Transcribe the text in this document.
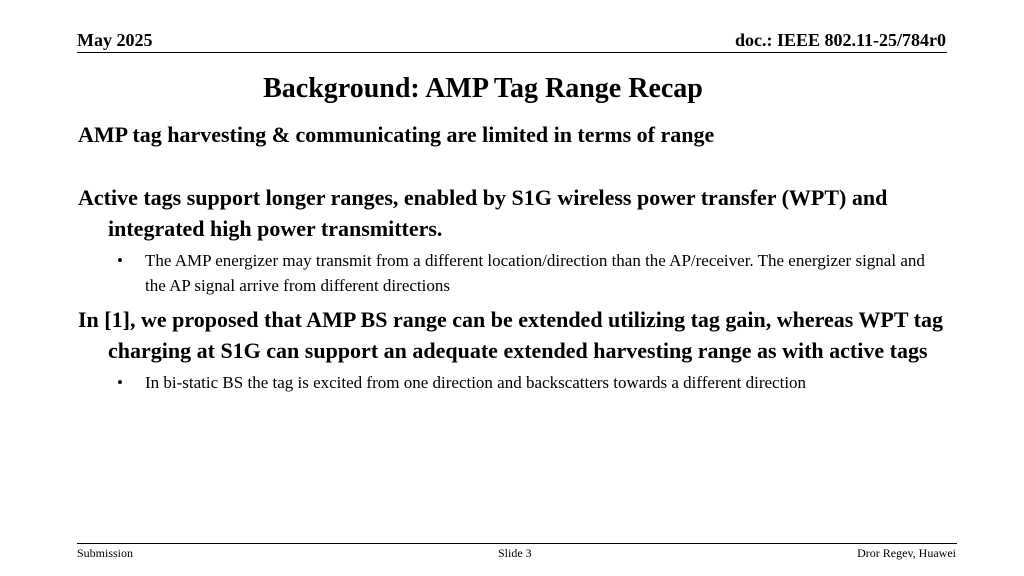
May 2025	doc.: IEEE 802.11-25/784r0
Background: AMP Tag Range Recap

AMP tag harvesting & communicating are limited in terms of range

Active tags support longer ranges, enabled by S1G wireless power transfer (WPT) and integrated high power transmitters.

• The AMP energizer may transmit from a different location/direction than the AP/receiver. The energizer signal and the AP signal arrive from different directions

In [1], we proposed that AMP BS range can be extended utilizing tag gain, whereas WPT tag charging at S1G can support an adequate extended harvesting range as with active tags

• In bi-static BS the tag is excited from one direction and backscatters towards a different direction
Submission	Slide 3	Dror Regev, Huawei
